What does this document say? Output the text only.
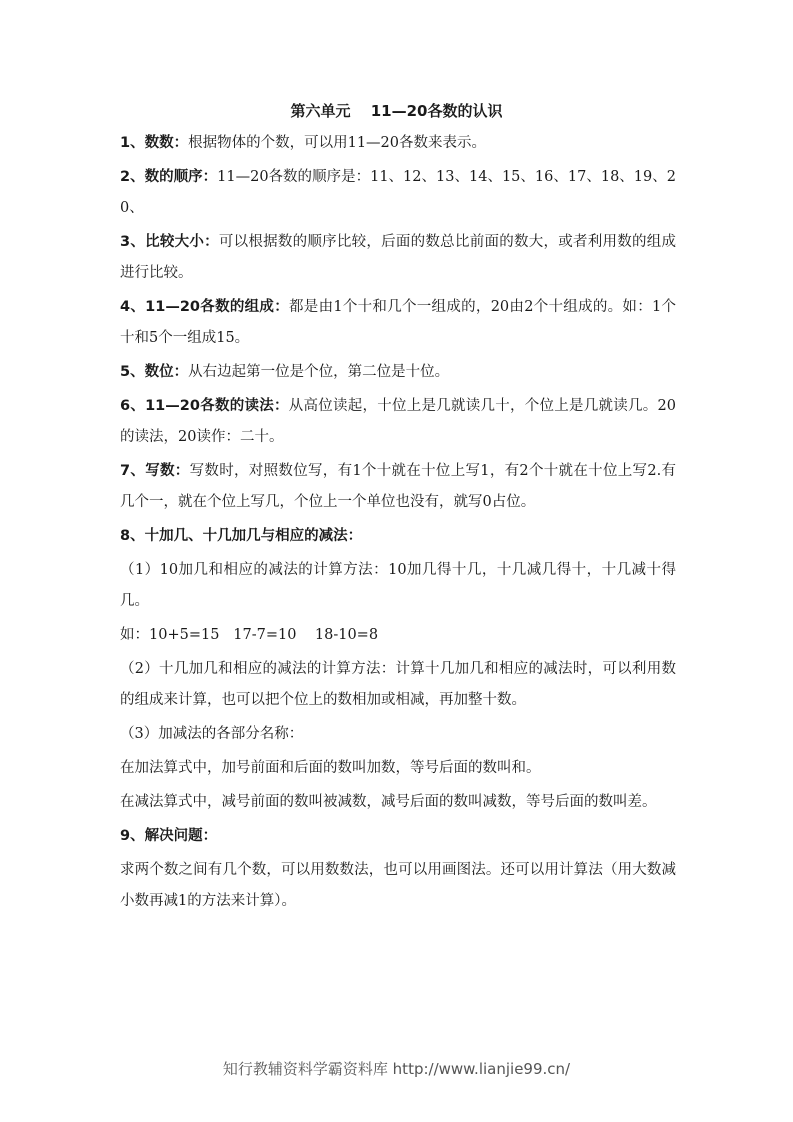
第六单元　 11—20各数的认识

1、数数：根据物体的个数，可以用11—20各数来表示。

2、数的顺序：11—20各数的顺序是：11、12、13、14、15、16、17、18、19、20、

3、比较大小：可以根据数的顺序比较，后面的数总比前面的数大，或者利用数的组成进行比较。

4、11—20各数的组成：都是由1个十和几个一组成的，20由2个十组成的。如：1个十和5个一组成15。

5、数位：从右边起第一位是个位，第二位是十位。

6、11—20各数的读法：从高位读起，十位上是几就读几十，个位上是几就读几。20的读法，20读作：二十。

7、写数：写数时，对照数位写，有1个十就在十位上写1，有2个十就在十位上写2.有几个一，就在个位上写几，个位上一个单位也没有，就写0占位。

8、十加几、十几加几与相应的减法：

（1）10加几和相应的减法的计算方法：10加几得十几，十几减几得十，十几减十得几。

如：10+5=15   17-7=10    18-10=8

（2）十几加几和相应的减法的计算方法：计算十几加几和相应的减法时，可以利用数的组成来计算，也可以把个位上的数相加或相减，再加整十数。

（3）加减法的各部分名称：

在加法算式中，加号前面和后面的数叫加数，等号后面的数叫和。

在减法算式中，减号前面的数叫被减数，减号后面的数叫减数，等号后面的数叫差。

9、解决问题：

求两个数之间有几个数，可以用数数法，也可以用画图法。还可以用计算法（用大数减小数再减1的方法来计算）。

知行教辅资料学霸资料库 http://www.lianjie99.cn/
